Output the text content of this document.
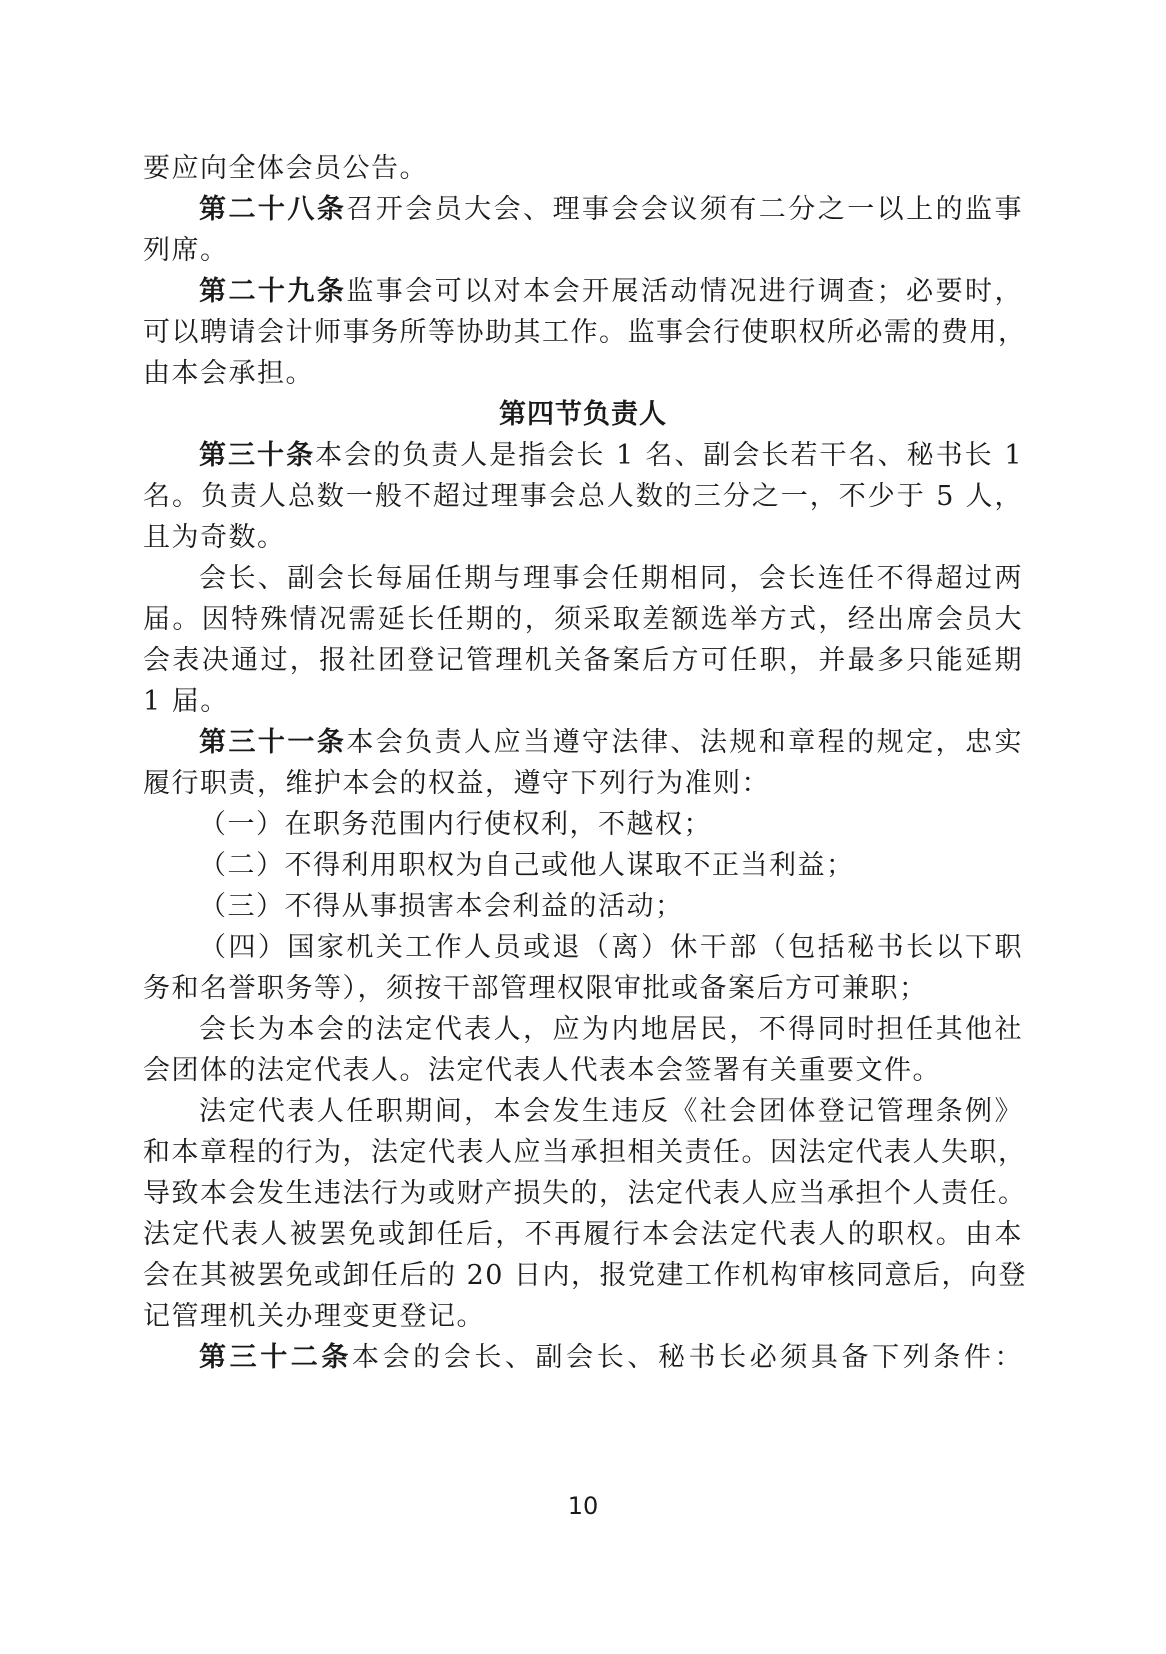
要应向全体会员公告。
第二十八条召开会员大会、理事会会议须有二分之一以上的监事
列席。
第二十九条监事会可以对本会开展活动情况进行调查；必要时，
可以聘请会计师事务所等协助其工作。监事会行使职权所必需的费用，
由本会承担。
第四节负责人
第三十条本会的负责人是指会长 1 名、副会长若干名、秘书长 1
名。负责人总数一般不超过理事会总人数的三分之一，不少于 5 人，
且为奇数。
会长、副会长每届任期与理事会任期相同，会长连任不得超过两
届。因特殊情况需延长任期的，须采取差额选举方式，经出席会员大
会表决通过，报社团登记管理机关备案后方可任职，并最多只能延期
1 届。
第三十一条本会负责人应当遵守法律、法规和章程的规定，忠实
履行职责，维护本会的权益，遵守下列行为准则：
（一）在职务范围内行使权利，不越权；
（二）不得利用职权为自己或他人谋取不正当利益；
（三）不得从事损害本会利益的活动；
（四）国家机关工作人员或退（离）休干部（包括秘书长以下职
务和名誉职务等），须按干部管理权限审批或备案后方可兼职；
会长为本会的法定代表人，应为内地居民，不得同时担任其他社
会团体的法定代表人。法定代表人代表本会签署有关重要文件。
法定代表人任职期间，本会发生违反《社会团体登记管理条例》
和本章程的行为，法定代表人应当承担相关责任。因法定代表人失职，
导致本会发生违法行为或财产损失的，法定代表人应当承担个人责任。
法定代表人被罢免或卸任后，不再履行本会法定代表人的职权。由本
会在其被罢免或卸任后的 20 日内，报党建工作机构审核同意后，向登
记管理机关办理变更登记。
第三十二条本会的会长、副会长、秘书长必须具备下列条件：
10
